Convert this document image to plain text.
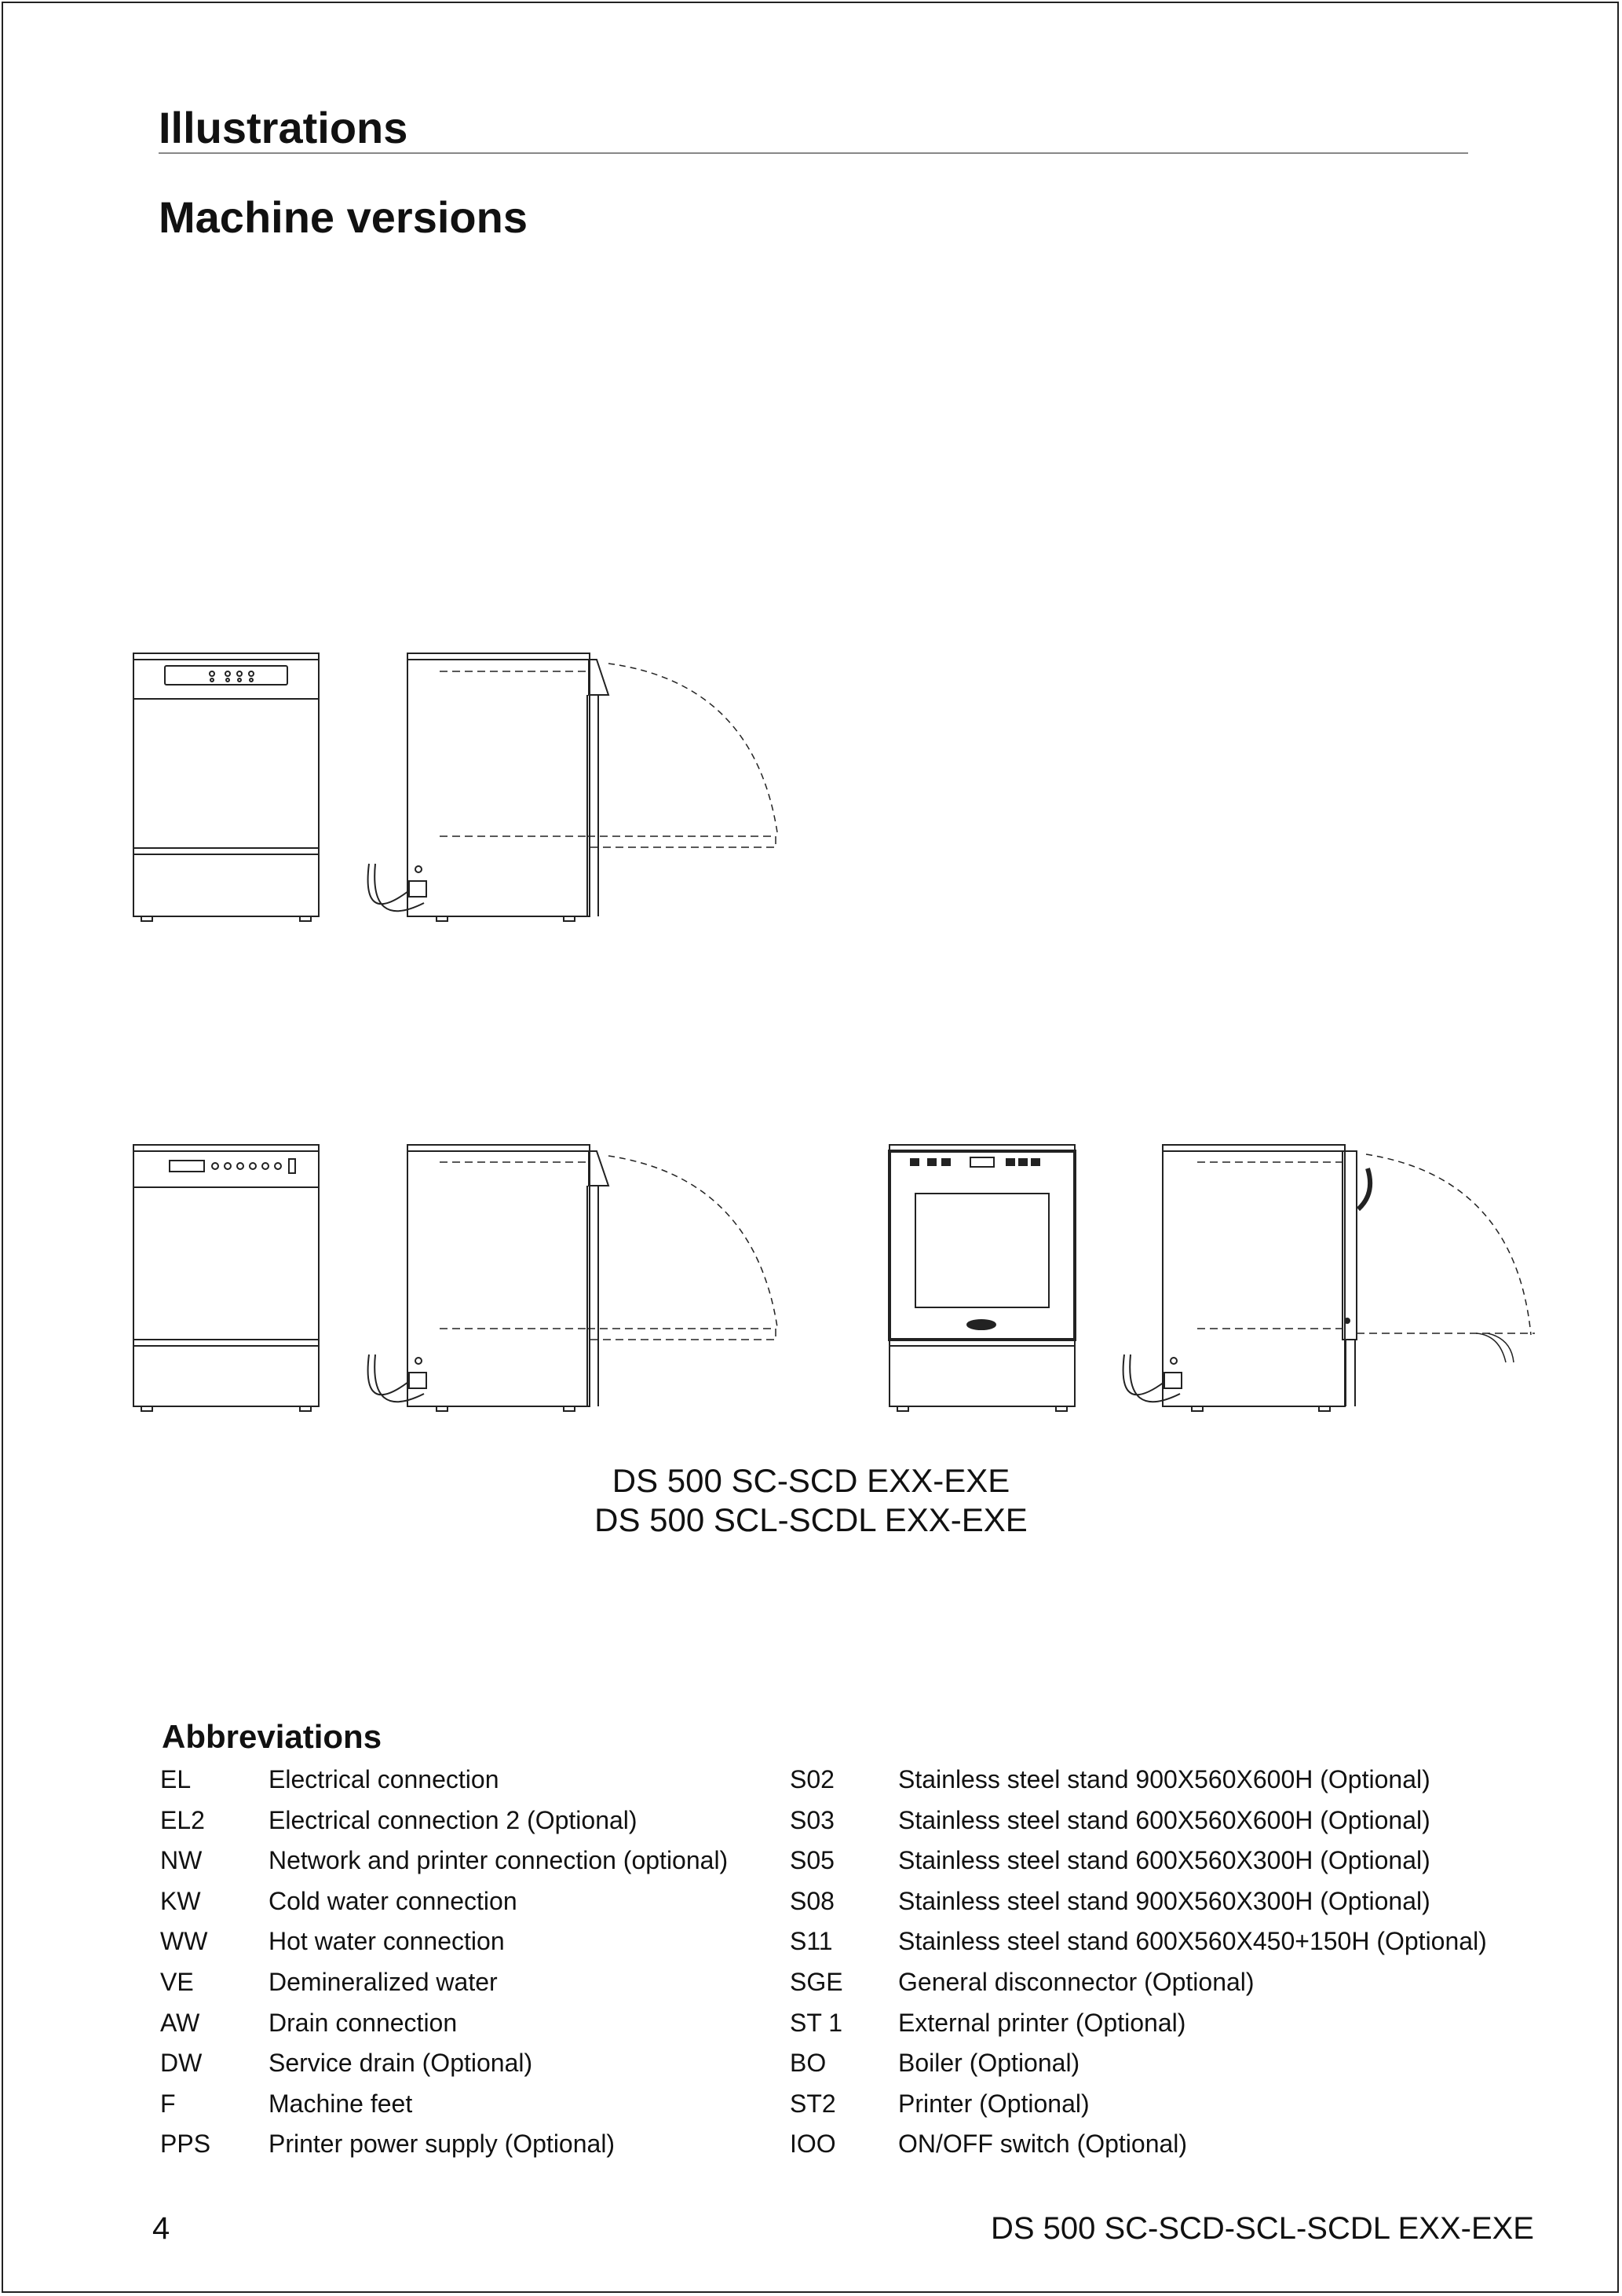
Illustrations
Machine versions
DS 500 SC-SCD EXX-EXE
DS 500 SCL-SCDL EXX-EXE
Abbreviations
EL	Electrical connection
EL2	Electrical connection 2 (Optional)
NW	Network and printer connection (optional)
KW	Cold water connection
WW Hot water connection
VE	Demineralized water
AW	Drain connection
DW	Service drain (Optional)
F	Machine feet
PPS Printer power supply (Optional)
S02	Stainless steel stand 900X560X600H (Optional)
S03	Stainless steel stand 600X560X600H (Optional)
S05	Stainless steel stand 600X560X300H (Optional)
S08	Stainless steel stand 900X560X300H (Optional)
S11	Stainless steel stand 600X560X450+150H (Optional)
SGE General disconnector (Optional)
ST 1 External printer (Optional)
BO	Boiler (Optional)
ST2 Printer (Optional)
IOO ON/OFF switch (Optional)
4	DS 500 SC-SCD-SCL-SCDL EXX-EXE
